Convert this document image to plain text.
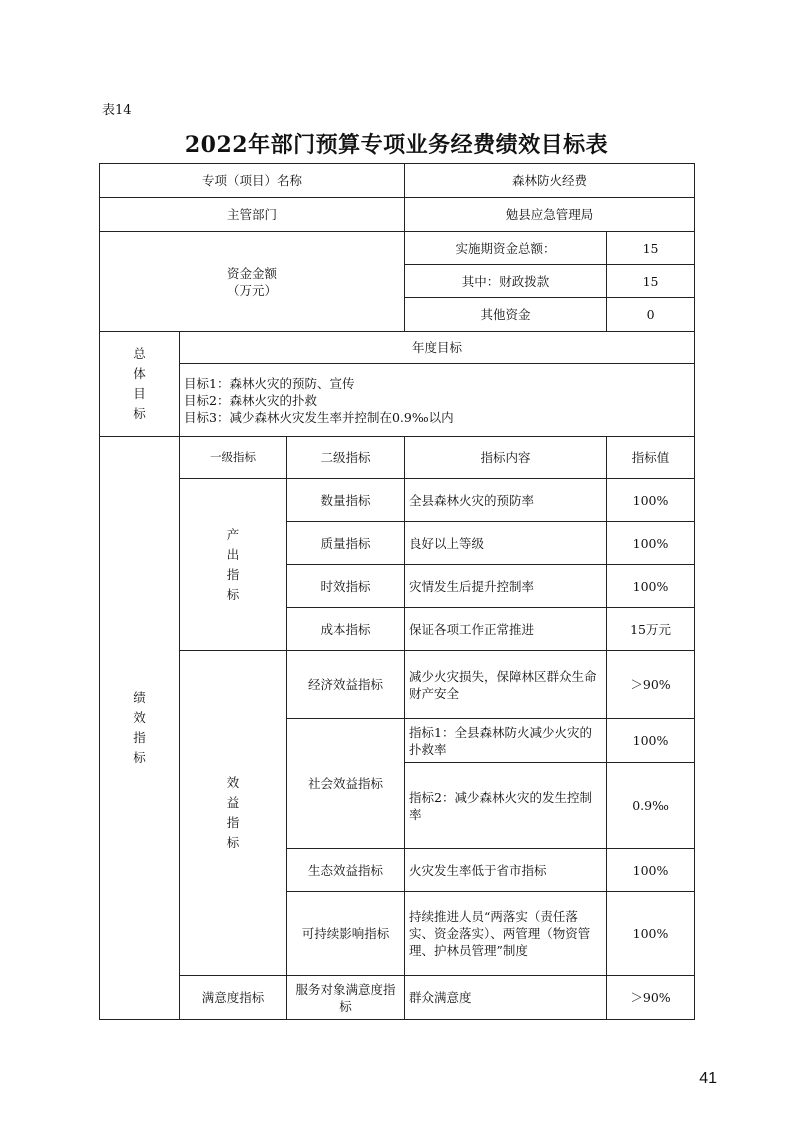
表14
2022年部门预算专项业务经费绩效目标表
专项（项目）名称			森林防火经费	
主管部门			勉县应急管理局	

资金金额
（万元）			实施期资金总额：	15
			其中：财政拨款	15
			其他资金	0
总体目标	年度目标			

	目标1：森林火灾的预防、宣传
目标2：森林火灾的扑救
目标3：减少森林火灾发生率并控制在0.9‰以内			

绩效指标	一级指标	二级指标	指标内容	指标值
	产出指标	数量指标	全县森林火灾的预防率	100%
		质量指标	良好以上等级	100%
		时效指标	灾情发生后提升控制率	100%
		成本指标	保证各项工作正常推进	15万元
	效益指标	经济效益指标	减少火灾损失，保障林区群众生命财产安全	＞90%
		社会效益指标	指标1：全县森林防火减少火灾的扑救率	100%
			指标2：减少森林火灾的发生控制率	0.9‰
		生态效益指标	火灾发生率低于省市指标	100%
		可持续影响指标	持续推进人员“两落实（责任落实、资金落实）、两管理（物资管理、护林员管理”制度	100%

	满意度指标	服务对象满意度指标	群众满意度	＞90%
41
